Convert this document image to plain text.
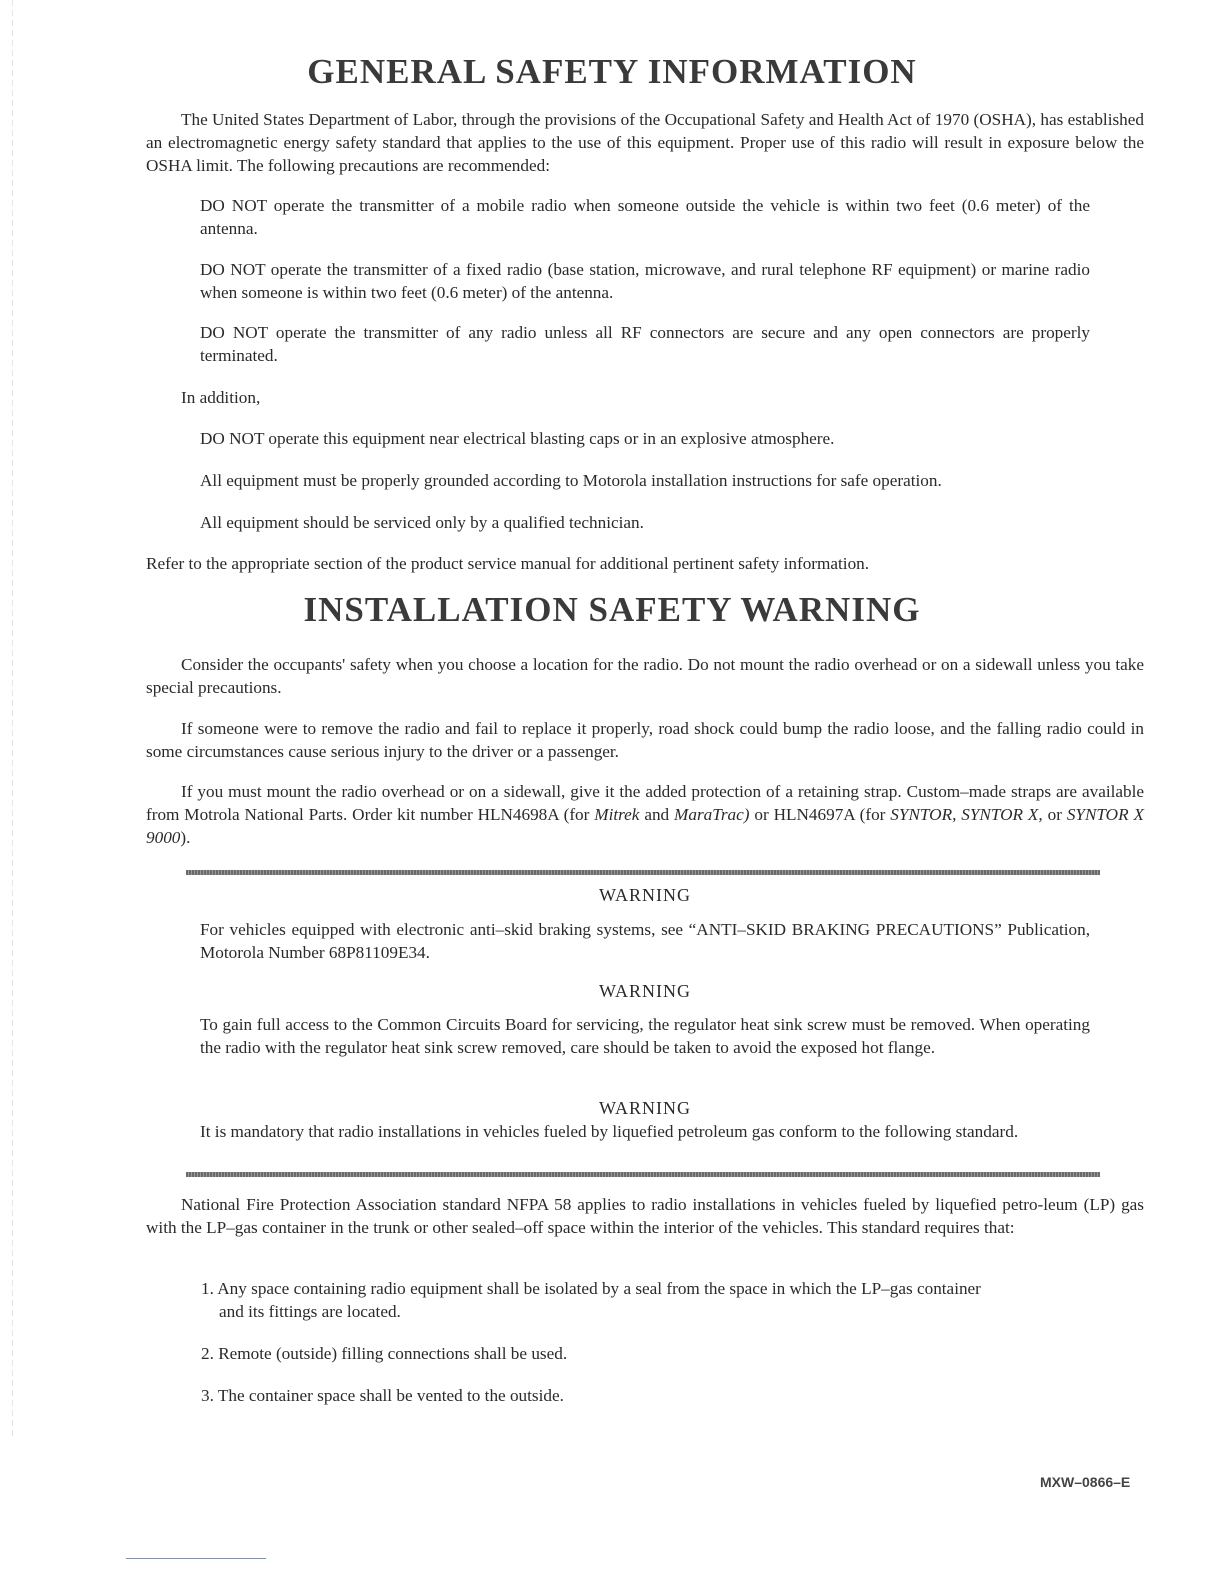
GENERAL SAFETY INFORMATION

The United States Department of Labor, through the provisions of the Occupational Safety and Health Act of 1970 (OSHA), has established an electromagnetic energy safety standard that applies to the use of this equipment. Proper use of this radio will result in exposure below the OSHA limit. The following precautions are recommended:

DO NOT operate the transmitter of a mobile radio when someone outside the vehicle is within two feet (0.6 meter) of the antenna.

DO NOT operate the transmitter of a fixed radio (base station, microwave, and rural telephone RF equipment) or marine radio when someone is within two feet (0.6 meter) of the antenna.

DO NOT operate the transmitter of any radio unless all RF connectors are secure and any open connectors are properly terminated.

In addition,

DO NOT operate this equipment near electrical blasting caps or in an explosive atmosphere.

All equipment must be properly grounded according to Motorola installation instructions for safe operation.

All equipment should be serviced only by a qualified technician.

Refer to the appropriate section of the product service manual for additional pertinent safety information.

INSTALLATION SAFETY WARNING

Consider the occupants' safety when you choose a location for the radio. Do not mount the radio overhead or on a sidewall unless you take special precautions.

If someone were to remove the radio and fail to replace it properly, road shock could bump the radio loose, and the falling radio could in some circumstances cause serious injury to the driver or a passenger.

If you must mount the radio overhead or on a sidewall, give it the added protection of a retaining strap. Custom–made straps are available from Motrola National Parts. Order kit number HLN4698A (for Mitrek and MaraTrac) or HLN4697A (for SYNTOR, SYNTOR X, or SYNTOR X 9000).

WARNING

For vehicles equipped with electronic anti–skid braking systems, see “ANTI–SKID BRAKING PRECAUTIONS” Publication, Motorola Number 68P81109E34.

WARNING

To gain full access to the Common Circuits Board for servicing, the regulator heat sink screw must be removed. When operating the radio with the regulator heat sink screw removed, care should be taken to avoid the exposed hot flange.

WARNING

It is mandatory that radio installations in vehicles fueled by liquefied petroleum gas conform to the following standard.

National Fire Protection Association standard NFPA 58 applies to radio installations in vehicles fueled by liquefied petro-leum (LP) gas with the LP–gas container in the trunk or other sealed–off space within the interior of the vehicles. This standard requires that:

1. Any space containing radio equipment shall be isolated by a seal from the space in which the LP–gas container
and its fittings are located.
2. Remote (outside) filling connections shall be used.
3. The container space shall be vented to the outside.
MXW–0866–E
